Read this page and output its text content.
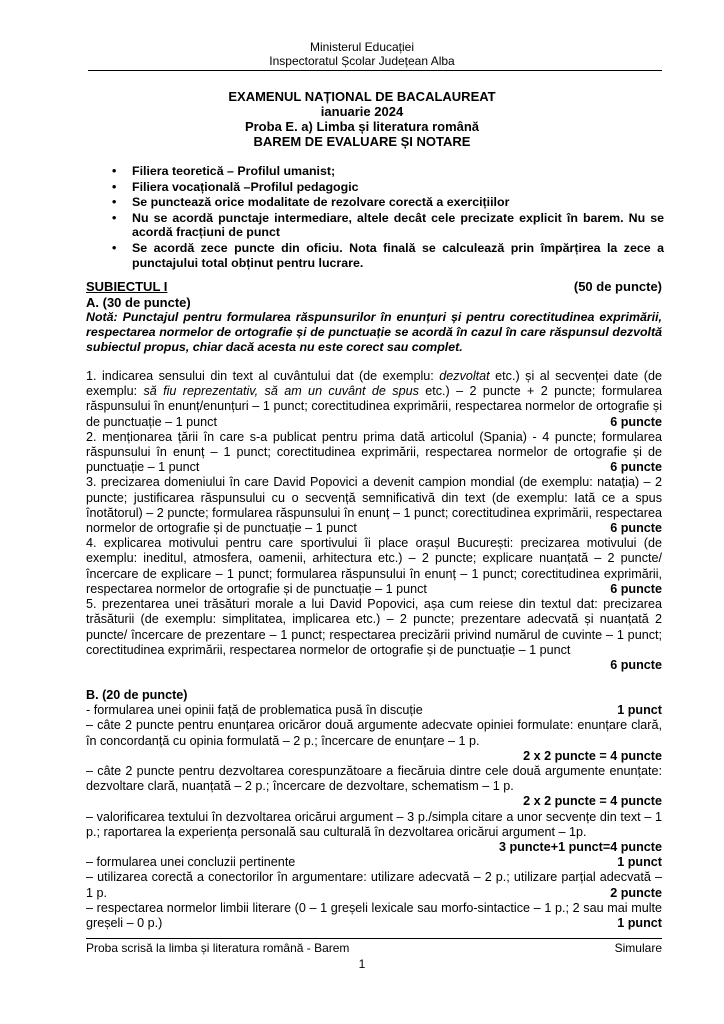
Ministerul Educației
Inspectoratul Școlar Județean Alba
EXAMENUL NAȚIONAL DE BACALAUREAT
ianuarie 2024
Proba E. a) Limba și literatura română
BAREM DE EVALUARE ȘI NOTARE
• Filiera teoretică – Profilul umanist;
• Filiera vocațională –Profilul pedagogic
• Se punctează orice modalitate de rezolvare corectă a exercițiilor
• Nu se acordă punctaje intermediare, altele decât cele precizate explicit în barem. Nu se acordă fracțiuni de punct
• Se acordă zece puncte din oficiu. Nota finală se calculează prin împărțirea la zece a punctajului total obținut pentru lucrare.
SUBIECTUL I	(50 de puncte)
A. (30 de puncte)
Notă: Punctajul pentru formularea răspunsurilor în enunțuri și pentru corectitudinea exprimării, respectarea normelor de ortografie și de punctuație se acordă în cazul în care răspunsul dezvoltă subiectul propus, chiar dacă acesta nu este corect sau complet.
1. indicarea sensului din text al cuvântului dat (de exemplu: dezvoltat etc.) și al secvenței date (de exemplu: să fiu reprezentativ, să am un cuvânt de spus etc.) – 2 puncte + 2 puncte; formularea răspunsului în enunț/enunțuri – 1 punct; corectitudinea exprimării, respectarea normelor de ortografie și de punctuație – 1 punct	6 puncte
2. menționarea țării în care s-a publicat pentru prima dată articolul (Spania) - 4 puncte; formularea răspunsului în enunț – 1 punct; corectitudinea exprimării, respectarea normelor de ortografie și de punctuație – 1 punct	6 puncte
3. precizarea domeniului în care David Popovici a devenit campion mondial (de exemplu: natația) – 2 puncte; justificarea răspunsului cu o secvență semnificativă din text (de exemplu: Iată ce a spus înotătorul) – 2 puncte; formularea răspunsului în enunț – 1 punct; corectitudinea exprimării, respectarea normelor de ortografie și de punctuație – 1 punct	6 puncte
4. explicarea motivului pentru care sportivului îi place orașul București: precizarea motivului (de exemplu: ineditul, atmosfera, oamenii, arhitectura etc.) – 2 puncte; explicare nuanțată – 2 puncte/încercare de explicare – 1 punct; formularea răspunsului în enunț – 1 punct; corectitudinea exprimării, respectarea normelor de ortografie și de punctuație – 1 punct	6 puncte
5. prezentarea unei trăsături morale a lui David Popovici, așa cum reiese din textul dat: precizarea trăsăturii (de exemplu: simplitatea, implicarea etc.) – 2 puncte; prezentare adecvată și nuanțată 2 puncte/ încercare de prezentare – 1 punct; respectarea precizării privind numărul de cuvinte – 1 punct; corectitudinea exprimării, respectarea normelor de ortografie și de punctuație – 1 punct
6 puncte
B. (20 de puncte)
- formularea unei opinii față de problematica pusă în discuție	1 punct
– câte 2 puncte pentru enunțarea oricăror două argumente adecvate opiniei formulate: enunțare clară, în concordanță cu opinia formulată – 2 p.; încercare de enunțare – 1 p.
2 x 2 puncte = 4 puncte
– câte 2 puncte pentru dezvoltarea corespunzătoare a fiecăruia dintre cele două argumente enunțate: dezvoltare clară, nuanțată – 2 p.; încercare de dezvoltare, schematism – 1 p.
2 x 2 puncte = 4 puncte
– valorificarea textului în dezvoltarea oricărui argument – 3 p./simpla citare a unor secvențe din text – 1 p.; raportarea la experiența personală sau culturală în dezvoltarea oricărui argument – 1p.
3 puncte+1 punct=4 puncte
– formularea unei concluzii pertinente	1 punct
– utilizarea corectă a conectorilor în argumentare: utilizare adecvată – 2 p.; utilizare parțial adecvată – 1 p.	2 puncte
– respectarea normelor limbii literare (0 – 1 greșeli lexicale sau morfo-sintactice – 1 p.; 2 sau mai multe greșeli – 0 p.)	1 punct
Proba scrisă la limba și literatura română - Barem	Simulare
1
